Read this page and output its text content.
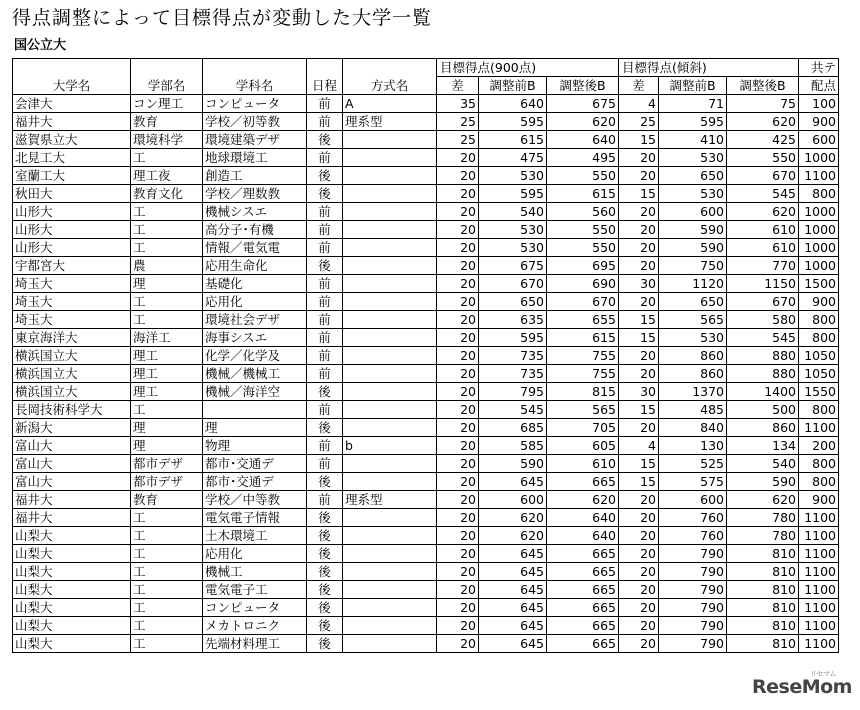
得点調整によって目標得点が変動した大学一覧
国公立大
大学名	学部名	学科名	日程	方式名	目標得点(900点)			目標得点(傾斜)			共テ
					差	調整前B	調整後B	差	調整前B	調整後B	配点
会津大	コン理工	コンピュータ	前	A	35	640	675	4	71	75	100
福井大	教育	学校／初等教	前	理系型	25	595	620	25	595	620	900
滋賀県立大	環境科学	環境建築デザ	後		25	615	640	15	410	425	600
北見工大	工	地球環境工	前		20	475	495	20	530	550	1000
室蘭工大	理工夜	創造工	後		20	530	550	20	650	670	1100
秋田大	教育文化	学校／理数教	後		20	595	615	15	530	545	800
山形大	工	機械シスエ	前		20	540	560	20	600	620	1000
山形大	工	高分子･有機	前		20	530	550	20	590	610	1000
山形大	工	情報／電気電	前		20	530	550	20	590	610	1000
宇都宮大	農	応用生命化	後		20	675	695	20	750	770	1000
埼玉大	理	基礎化	前		20	670	690	30	1120	1150	1500
埼玉大	工	応用化	前		20	650	670	20	650	670	900
埼玉大	工	環境社会デザ	前		20	635	655	15	565	580	800
東京海洋大	海洋工	海事シスエ	前		20	595	615	15	530	545	800
横浜国立大	理工	化学／化学及	前		20	735	755	20	860	880	1050
横浜国立大	理工	機械／機械工	前		20	735	755	20	860	880	1050
横浜国立大	理工	機械／海洋空	後		20	795	815	30	1370	1400	1550
長岡技術科学大	工		前		20	545	565	15	485	500	800
新潟大	理	理	後		20	685	705	20	840	860	1100
富山大	理	物理	前	b	20	585	605	4	130	134	200
富山大	都市デザ	都市･交通デ	前		20	590	610	15	525	540	800
富山大	都市デザ	都市･交通デ	後		20	645	665	15	575	590	800
福井大	教育	学校／中等教	前	理系型	20	600	620	20	600	620	900
福井大	工	電気電子情報	後		20	620	640	20	760	780	1100
山梨大	工	土木環境工	後		20	620	640	20	760	780	1100
山梨大	工	応用化	後		20	645	665	20	790	810	1100
山梨大	工	機械工	後		20	645	665	20	790	810	1100
山梨大	工	電気電子工	後		20	645	665	20	790	810	1100
山梨大	工	コンピュータ	後		20	645	665	20	790	810	1100
山梨大	工	メカトロニク	後		20	645	665	20	790	810	1100
山梨大	工	先端材料理工	後		20	645	665	20	790	810	1100
ReseMom
リセマム
